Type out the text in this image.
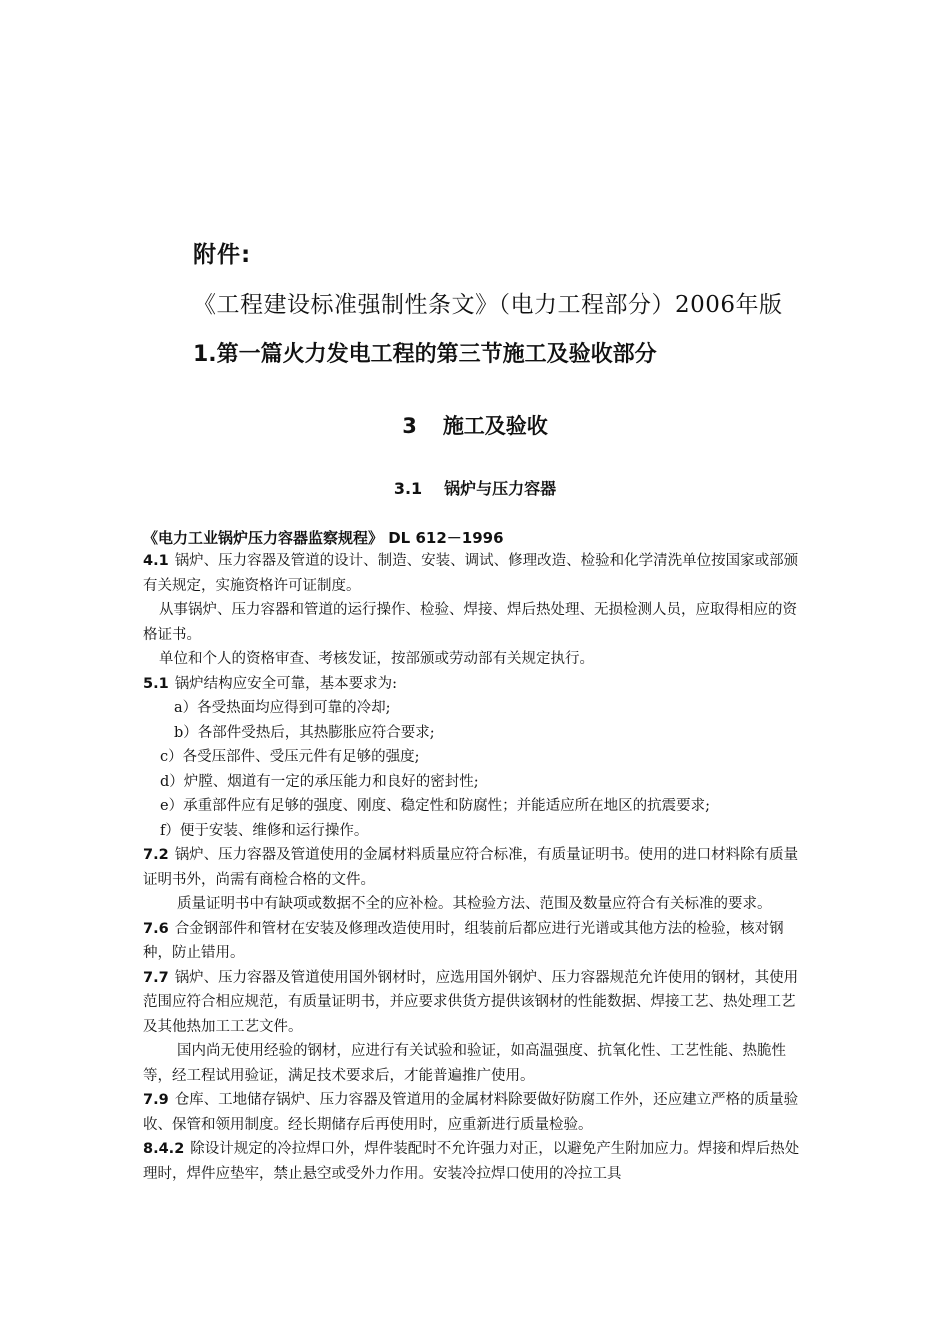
附件:
《工程建设标准强制性条文》（电力工程部分）2006年版
1.第一篇火力发电工程的第三节施工及验收部分
3 施工及验收
3.1 锅炉与压力容器
《电力工业锅炉压力容器监察规程》 DL 612－1996

4.1 锅炉、压力容器及管道的设计、制造、安装、调试、修理改造、检验和化学清洗单位按国家或部颁有关规定，实施资格许可证制度。

从事锅炉、压力容器和管道的运行操作、检验、焊接、焊后热处理、无损检测人员，应取得相应的资格证书。

单位和个人的资格审查、考核发证，按部颁或劳动部有关规定执行。

5.1 锅炉结构应安全可靠，基本要求为:

a）各受热面均应得到可靠的冷却;

b）各部件受热后，其热膨胀应符合要求;

c）各受压部件、受压元件有足够的强度;

d）炉膛、烟道有一定的承压能力和良好的密封性;

e）承重部件应有足够的强度、刚度、稳定性和防腐性；并能适应所在地区的抗震要求;

f）便于安装、维修和运行操作。

7.2 锅炉、压力容器及管道使用的金属材料质量应符合标准，有质量证明书。使用的进口材料除有质量证明书外，尚需有商检合格的文件。

质量证明书中有缺项或数据不全的应补检。其检验方法、范围及数量应符合有关标准的要求。

7.6 合金钢部件和管材在安装及修理改造使用时，组装前后都应进行光谱或其他方法的检验，核对钢种，防止错用。

7.7 锅炉、压力容器及管道使用国外钢材时，应选用国外钢炉、压力容器规范允许使用的钢材，其使用范围应符合相应规范，有质量证明书，并应要求供货方提供该钢材的性能数据、焊接工艺、热处理工艺及其他热加工工艺文件。

国内尚无使用经验的钢材，应进行有关试验和验证，如高温强度、抗氧化性、工艺性能、热脆性等，经工程试用验证，满足技术要求后，才能普遍推广使用。

7.9 仓库、工地储存锅炉、压力容器及管道用的金属材料除要做好防腐工作外，还应建立严格的质量验收、保管和领用制度。经长期储存后再使用时，应重新进行质量检验。

8.4.2 除设计规定的冷拉焊口外，焊件装配时不允许强力对正，以避免产生附加应力。焊接和焊后热处理时，焊件应垫牢，禁止悬空或受外力作用。安装冷拉焊口使用的冷拉工具
